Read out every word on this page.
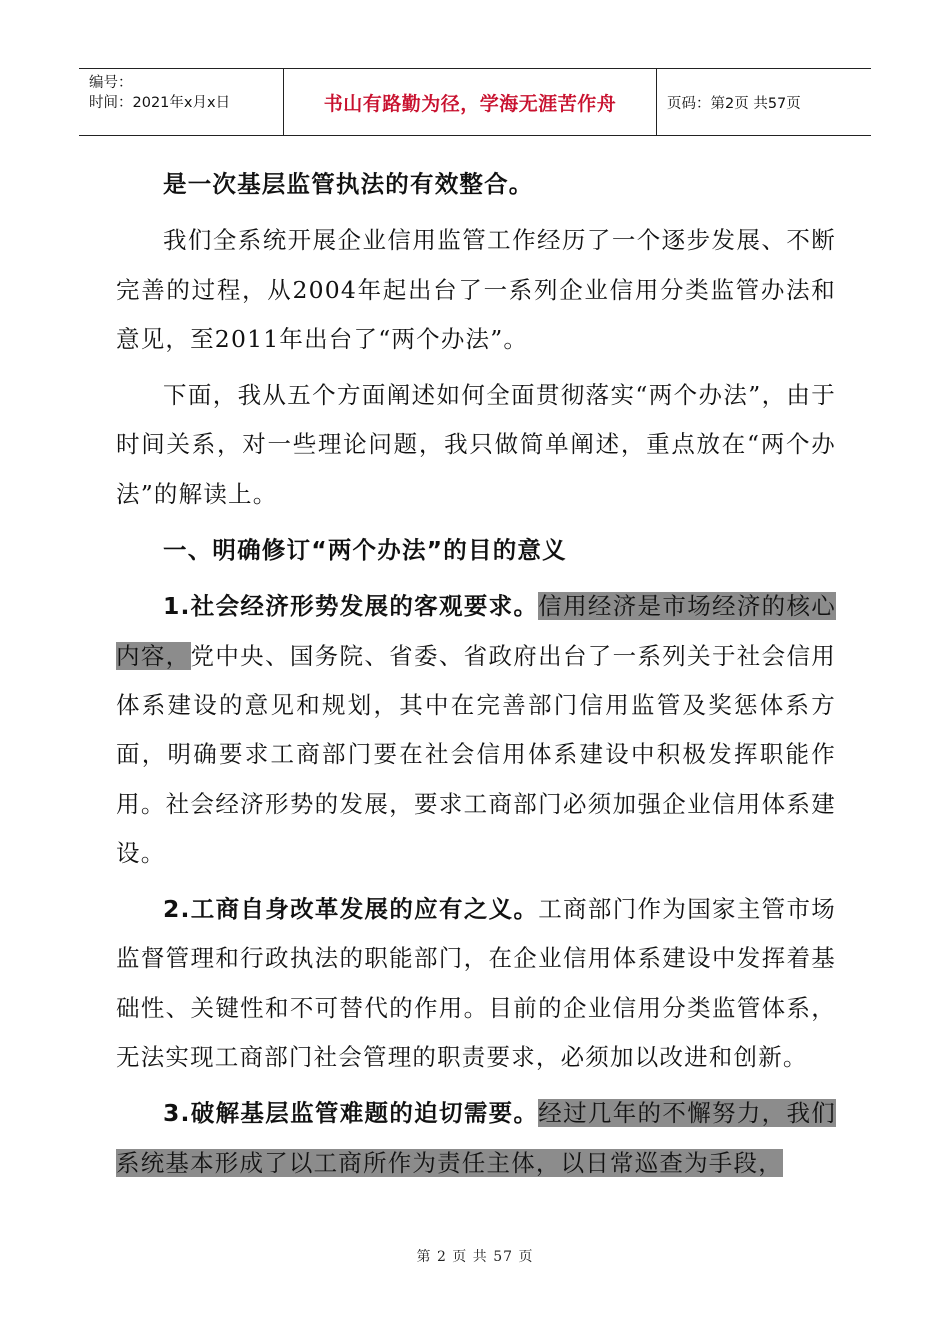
编号：
时间：2021年x月x日	书山有路勤为径，学海无涯苦作舟	页码：第2页 共57页

是一次基层监管执法的有效整合。

我们全系统开展企业信用监管工作经历了一个逐步发展、不断完善的过程，从2004年起出台了一系列企业信用分类监管办法和意见，至2011年出台了“两个办法”。

下面，我从五个方面阐述如何全面贯彻落实“两个办法”，由于时间关系，对一些理论问题，我只做简单阐述，重点放在“两个办法”的解读上。

一、明确修订“两个办法”的目的意义

1.社会经济形势发展的客观要求。信用经济是市场经济的核心内容，党中央、国务院、省委、省政府出台了一系列关于社会信用体系建设的意见和规划，其中在完善部门信用监管及奖惩体系方面，明确要求工商部门要在社会信用体系建设中积极发挥职能作用。社会经济形势的发展，要求工商部门必须加强企业信用体系建设。

2.工商自身改革发展的应有之义。工商部门作为国家主管市场监督管理和行政执法的职能部门，在企业信用体系建设中发挥着基础性、关键性和不可替代的作用。目前的企业信用分类监管体系，无法实现工商部门社会管理的职责要求，必须加以改进和创新。

3.破解基层监管难题的迫切需要。经过几年的不懈努力，我们系统基本形成了以工商所作为责任主体，以日常巡查为手段，

第 2 页 共 57 页
